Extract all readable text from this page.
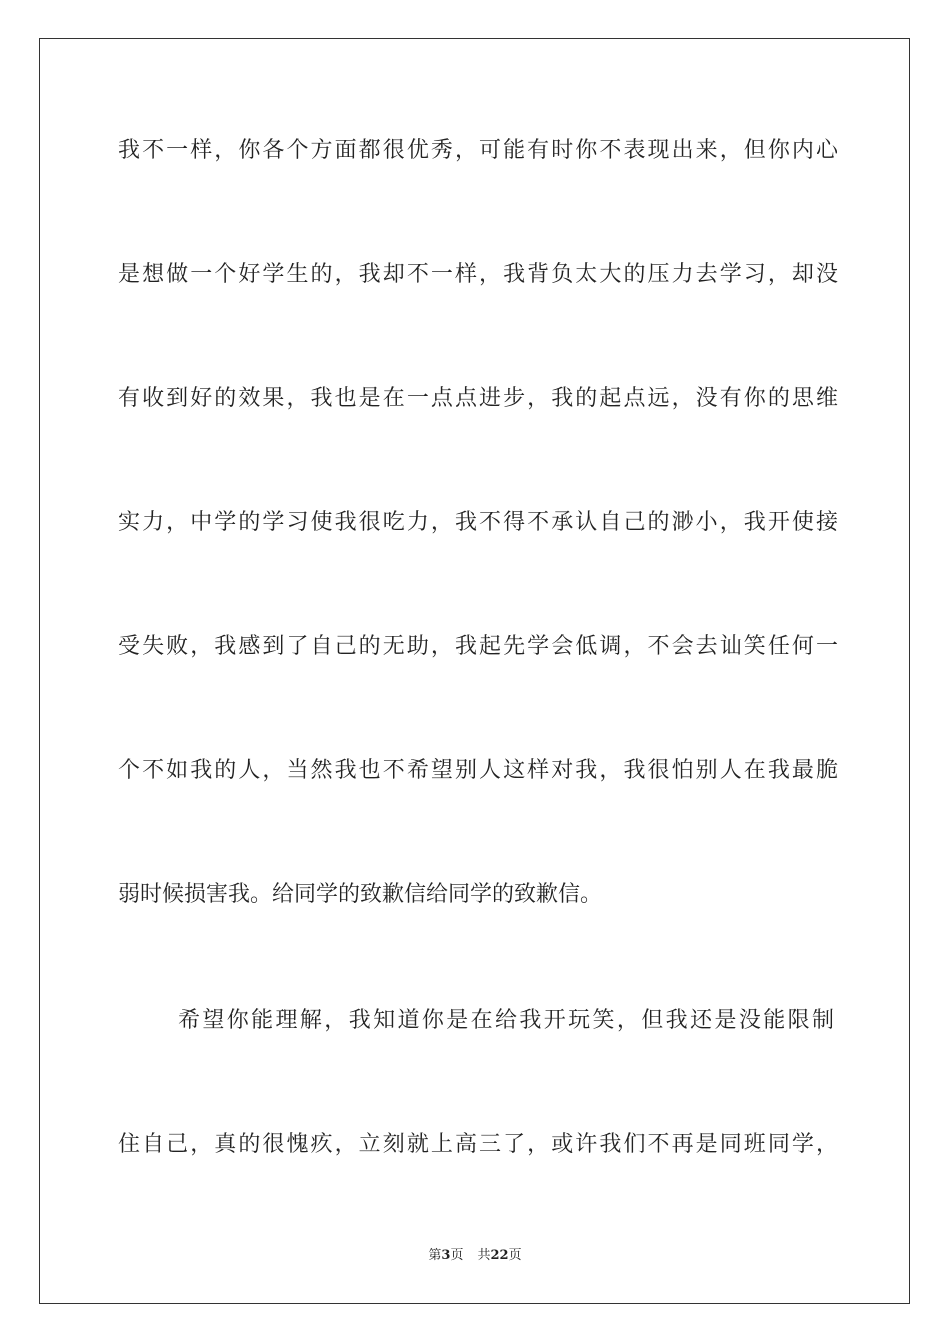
我不一样，你各个方面都很优秀，可能有时你不表现出来，但你内心
是想做一个好学生的，我却不一样，我背负太大的压力去学习，却没
有收到好的效果，我也是在一点点进步，我的起点远，没有你的思维
实力，中学的学习使我很吃力，我不得不承认自己的渺小，我开使接
受失败，我感到了自己的无助，我起先学会低调，不会去讪笑任何一
个不如我的人，当然我也不希望别人这样对我，我很怕别人在我最脆
弱时候损害我。给同学的致歉信给同学的致歉信。
希望你能理解，我知道你是在给我开玩笑，但我还是没能限制
住自己，真的很愧疚，立刻就上高三了，或许我们不再是同班同学，
第3页 共22页
